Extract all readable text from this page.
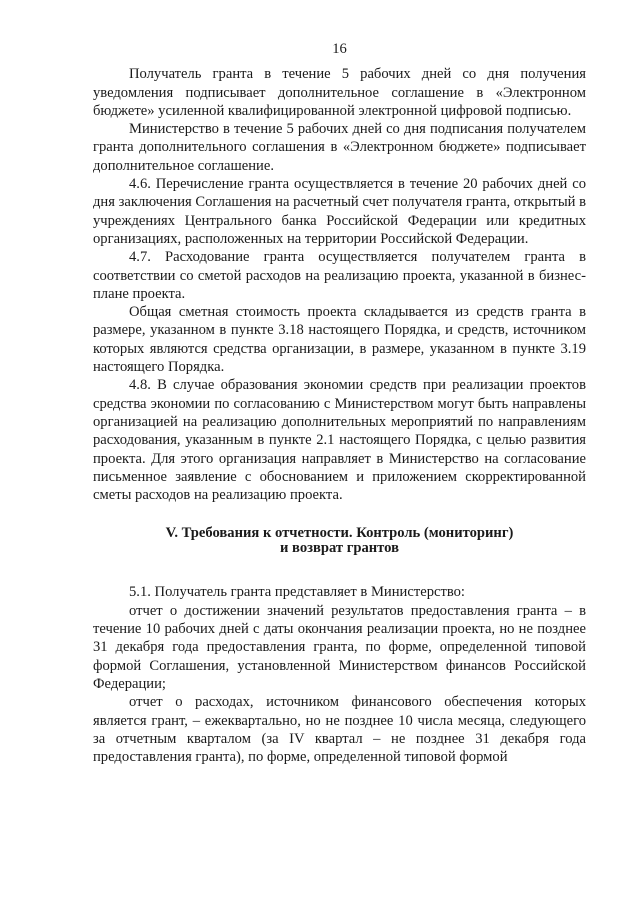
16

Получатель гранта в течение 5 рабочих дней со дня получения уведомления подписывает дополнительное соглашение в «Электронном бюджете» усиленной квалифицированной электронной цифровой подписью.

Министерство в течение 5 рабочих дней со дня подписания получателем гранта дополнительного соглашения в «Электронном бюджете» подписывает дополнительное соглашение.

4.6. Перечисление гранта осуществляется в течение 20 рабочих дней со дня заключения Соглашения на расчетный счет получателя гранта, открытый в учреждениях Центрального банка Российской Федерации или кредитных организациях, расположенных на территории Российской Федерации.

4.7. Расходование гранта осуществляется получателем гранта в соответствии со сметой расходов на реализацию проекта, указанной в бизнес-плане проекта.

Общая сметная стоимость проекта складывается из средств гранта в размере, указанном в пункте 3.18 настоящего Порядка, и средств, источником которых являются средства организации, в размере, указанном в пункте 3.19 настоящего Порядка.

4.8. В случае образования экономии средств при реализации проектов средства экономии по согласованию с Министерством могут быть направлены организацией на реализацию дополнительных мероприятий по направлениям расходования, указанным в пункте 2.1 настоящего Порядка, с целью развития проекта. Для этого организация направляет в Министерство на согласование письменное заявление с обоснованием и приложением скорректированной сметы расходов на реализацию проекта.

V. Требования к отчетности. Контроль (мониторинг)
и возврат грантов

5.1. Получатель гранта представляет в Министерство:

отчет о достижении значений результатов предоставления гранта – в течение 10 рабочих дней с даты окончания реализации проекта, но не позднее 31 декабря года предоставления гранта, по форме, определенной типовой формой Соглашения, установленной Министерством финансов Российской Федерации;

отчет о расходах, источником финансового обеспечения которых является грант, – ежеквартально, но не позднее 10 числа месяца, следующего за отчетным кварталом (за IV квартал – не позднее 31 декабря года предоставления гранта), по форме, определенной типовой формой
